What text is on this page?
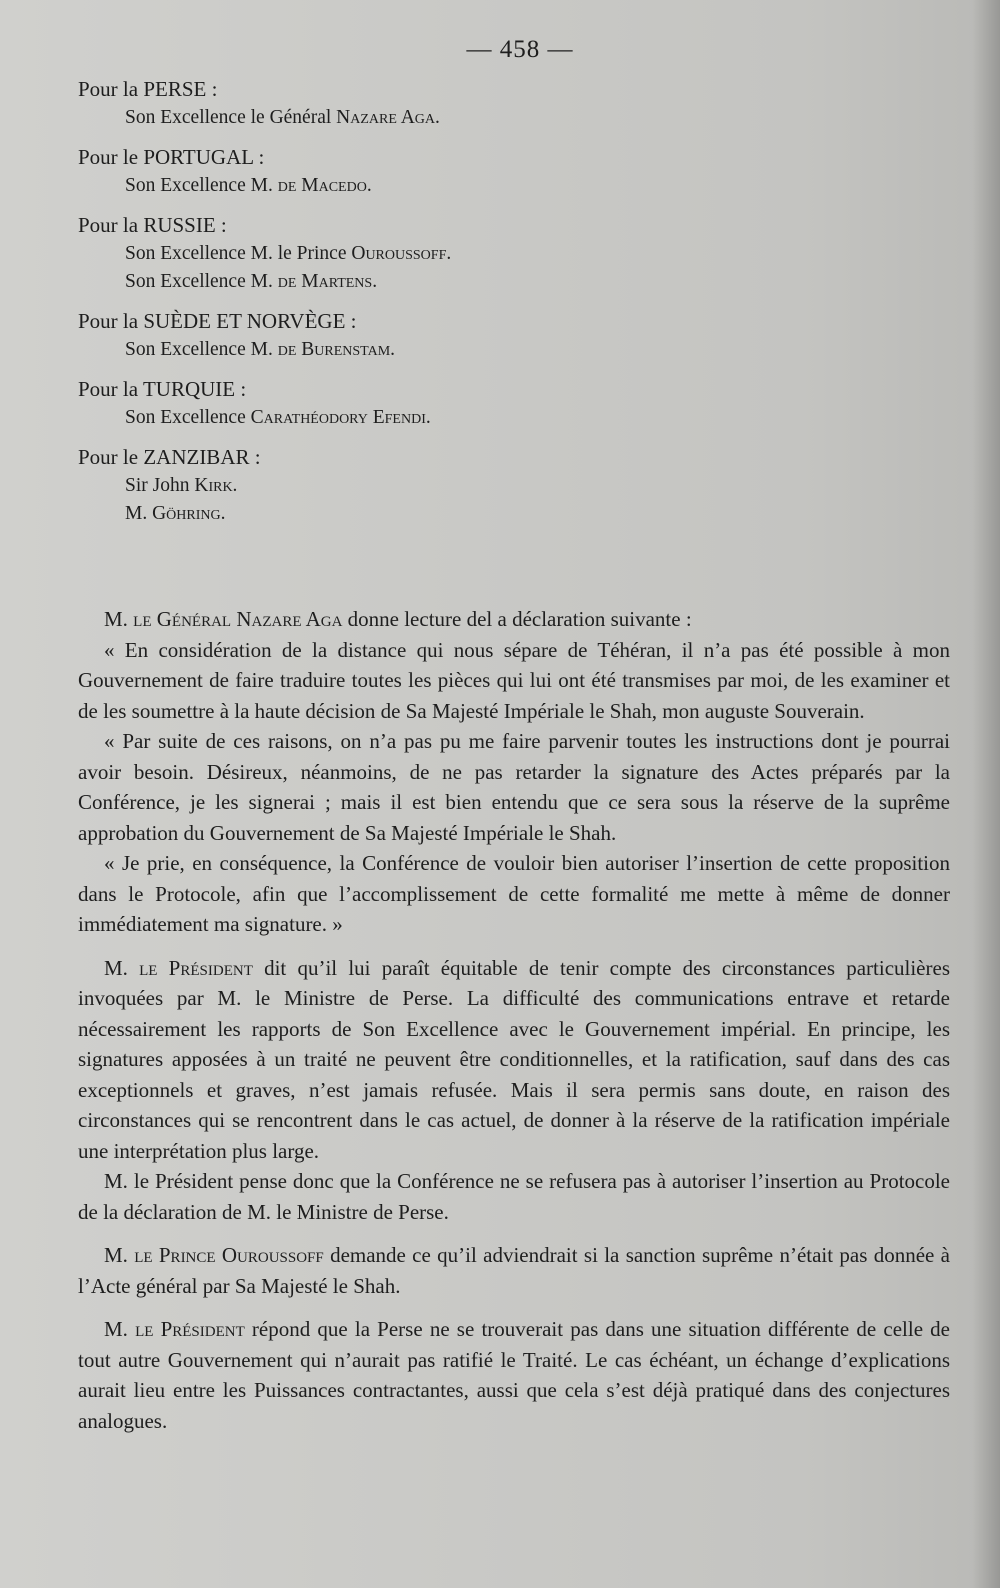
— 458 —
Pour la PERSE :
Son Excellence le Général Nazare Aga.
Pour le PORTUGAL :
Son Excellence M. de Macedo.
Pour la RUSSIE :
Son Excellence M. le Prince Ouroussoff.
Son Excellence M. de Martens.
Pour la SUÈDE ET NORVÈGE :
Son Excellence M. de Burenstam.
Pour la TURQUIE :
Son Excellence Carathéodory Efendi.
Pour le ZANZIBAR :
Sir John Kirk.
M. Göhring.

M. le Général Nazare Aga donne lecture del a déclaration suivante :

« En considération de la distance qui nous sépare de Téhéran, il n’a pas été possible à mon Gouvernement de faire traduire toutes les pièces qui lui ont été transmises par moi, de les examiner et de les soumettre à la haute décision de Sa Majesté Impériale le Shah, mon auguste Souverain.

« Par suite de ces raisons, on n’a pas pu me faire parvenir toutes les instructions dont je pourrai avoir besoin. Désireux, néanmoins, de ne pas retarder la signature des Actes préparés par la Conférence, je les signerai ; mais il est bien entendu que ce sera sous la réserve de la suprême approbation du Gouvernement de Sa Majesté Impériale le Shah.

« Je prie, en conséquence, la Conférence de vouloir bien autoriser l’insertion de cette proposition dans le Protocole, afin que l’accomplissement de cette formalité me mette à même de donner immédiatement ma signature. »

M. le Président dit qu’il lui paraît équitable de tenir compte des circonstances particulières invoquées par M. le Ministre de Perse. La difficulté des communications entrave et retarde nécessairement les rapports de Son Excellence avec le Gouvernement impérial. En principe, les signatures apposées à un traité ne peuvent être conditionnelles, et la ratification, sauf dans des cas exceptionnels et graves, n’est jamais refusée. Mais il sera permis sans doute, en raison des circonstances qui se rencontrent dans le cas actuel, de donner à la réserve de la ratification impériale une interprétation plus large.

M. le Président pense donc que la Conférence ne se refusera pas à autoriser l’insertion au Protocole de la déclaration de M. le Ministre de Perse.

M. le Prince Ouroussoff demande ce qu’il adviendrait si la sanction suprême n’était pas donnée à l’Acte général par Sa Majesté le Shah.

M. le Président répond que la Perse ne se trouverait pas dans une situation différente de celle de tout autre Gouvernement qui n’aurait pas ratifié le Traité. Le cas échéant, un échange d’explications aurait lieu entre les Puissances contractantes, aussi que cela s’est déjà pratiqué dans des conjectures analogues.
